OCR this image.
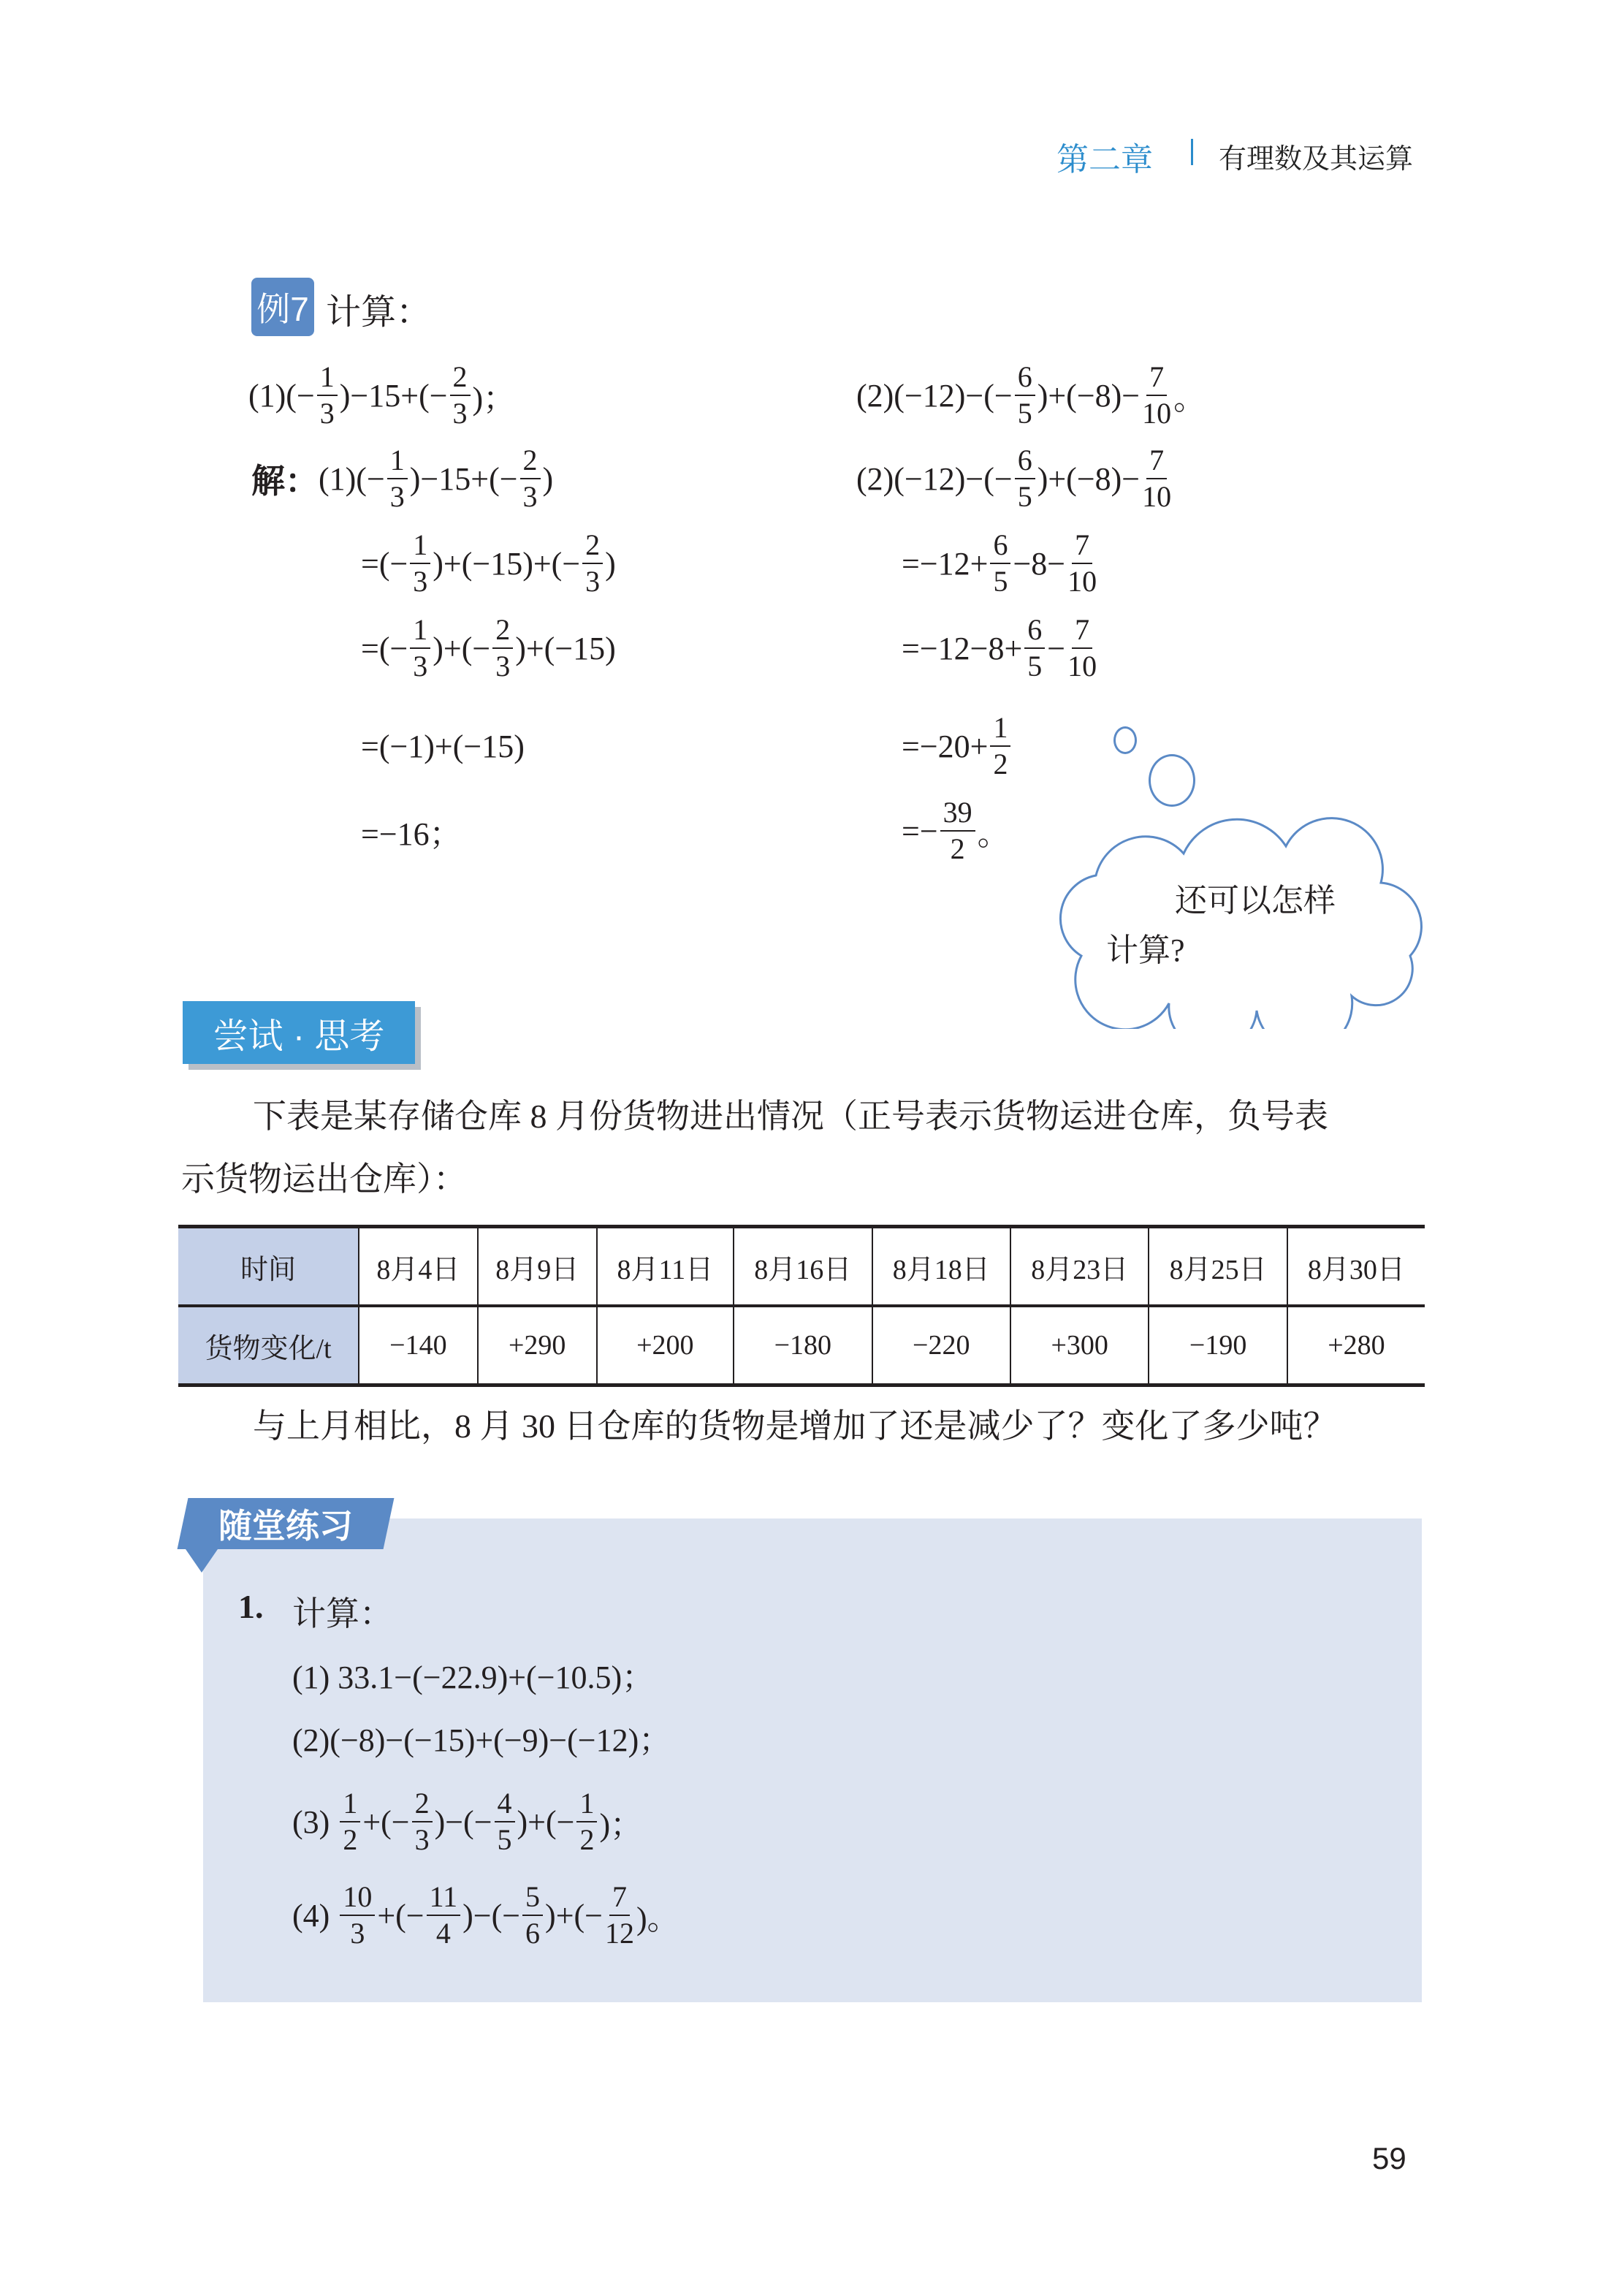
第二章 有理数及其运算
例7 计算：
$(1)(- \frac{1}{3} )-15+(- \frac{2}{3}$ )；	$(2)(-12)-(- \frac{6}{5} )+(-8)- \frac{7}{10}$ 。
解： $(1)(- \frac{1}{3} )-15+(- \frac{2}{3}$ )
=(− $\frac{1}{3} )+(-15)+(- \frac{2}{3}$ )
=(− $\frac{1}{3}$ )+(− $\frac{2}{3} )+(-15)$
=(−1)+(−15)
=−16；
$(2)(-12)-(- \frac{6}{5} )+(-8)- \frac{7}{10}$
$=-12+ \frac{6}{5} -8- \frac{7}{10}$
$=-12-8+ \frac{6}{5} - \frac{7}{10}$
$=-20+ \frac{1}{2}$
=− $\frac{39}{2}$ 。
还可以怎样
计算?
尝试 · 思考
下表是某存储仓库 8 月份货物进出情况（正号表示货物运进仓库，负号表
示货物运出仓库）：
时间	8月4日	8月9日	8月11日	8月16日	8月18日	8月23日	8月25日	8月30日
货物变化/t	−140	+290	+200	−180	−220	+300	−190	+280
与上月相比，8 月 30 日仓库的货物是增加了还是减少了？变化了多少吨？
随堂练习
1. 计算：
(1) 33.1−(−22.9)+(−10.5)；
(2)(−8)−(−15)+(−9)−(−12)；
$(3) \frac{1}{2}$ +(− $\frac{2}{3}$ )−(− $\frac{4}{5}$ )+(− $\frac{1}{2}$ )；
$(4) \frac{10}{3}$ +(− $\frac{11}{4}$ )−(− $\frac{5}{6}$ )+(− $\frac{7}{12}$ )。
59
